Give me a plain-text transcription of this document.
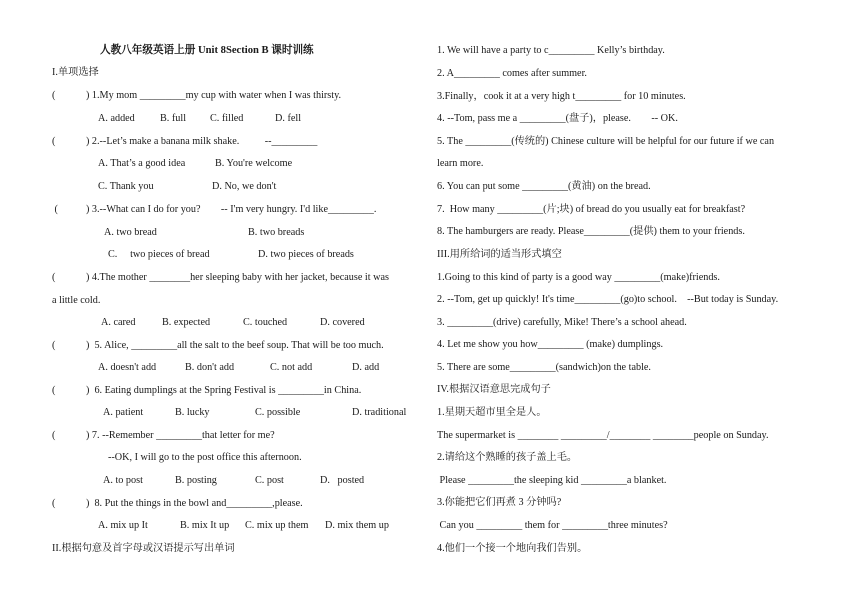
人教八年级英语上册 Unit 8Section B 课时训练
I.单项选择
(            ) 1.My mom _________my cup with water when I was thirsty.
A. added B. full C. filled	D. fell
(            ) 2.--Let’s make a banana milk shake.          --_________
A. That’s a good idea	B. You're welcome
C. Thank you	D. No, we don't
(           ) 3.--What can I do for you?        -- I'm very hungry. I'd like_________.
A. two bread	B. two breads
C.     two pieces of bread	D. two pieces of breads
(            ) 4.The mother ________her sleeping baby with her jacket, because it was
a little cold.
A. cared	B. expected	C. touched	D. covered
(            )  5. Alice, _________all the salt to the beef soup. That will be too much.
A. doesn't add	B. don't add	C. not add	D. add
(            )  6. Eating dumplings at the Spring Festival is _________in China.
A. patient	B. lucky	C. possible	D. traditional
(            ) 7. --Remember _________that letter for me?
--OK, I will go to the post office this afternoon.
A. to post	B. posting	C. post	D.   posted
(            )  8. Put the things in the bowl and_________,please.
A. mix up It	B. mix It up C. mix up them D. mix them up
II.根据句意及首字母或汉语提示写出单词
1. We will have a party to c_________ Kelly’s birthday.
2. A_________ comes after summer.
3.Finally，cook it at a very high t_________ for 10 minutes.
4. --Tom, pass me a _________(盘子)，please.        -- OK.
5. The _________(传统的) Chinese culture will be helpful for our future if we can
learn more.
6. You can put some _________(黄油) on the bread.
7.  How many _________(片;块) of bread do you usually eat for breakfast?
8. The hamburgers are ready. Please_________(提供) them to your friends.
III.用所给词的适当形式填空
1.Going to this kind of party is a good way _________(make)friends.
2. --Tom, get up quickly! It's time_________(go)to school.    --But today is Sunday.
3. _________(drive) carefully, Mike! There’s a school ahead.
4. Let me show you how_________ (make) dumplings.
5. There are some_________(sandwich)on the table.
IV.根据汉语意思完成句子
1.星期天超市里全是人。
The supermarket is ________ _________/________ ________people on Sunday.
2.请给这个熟睡的孩子盖上毛。
Please _________the sleeping kid _________a blanket.
3.你能把它们再煮 3 分钟吗?
Can you _________ them for _________three minutes?
4.他们一个接一个地向我们告别。
